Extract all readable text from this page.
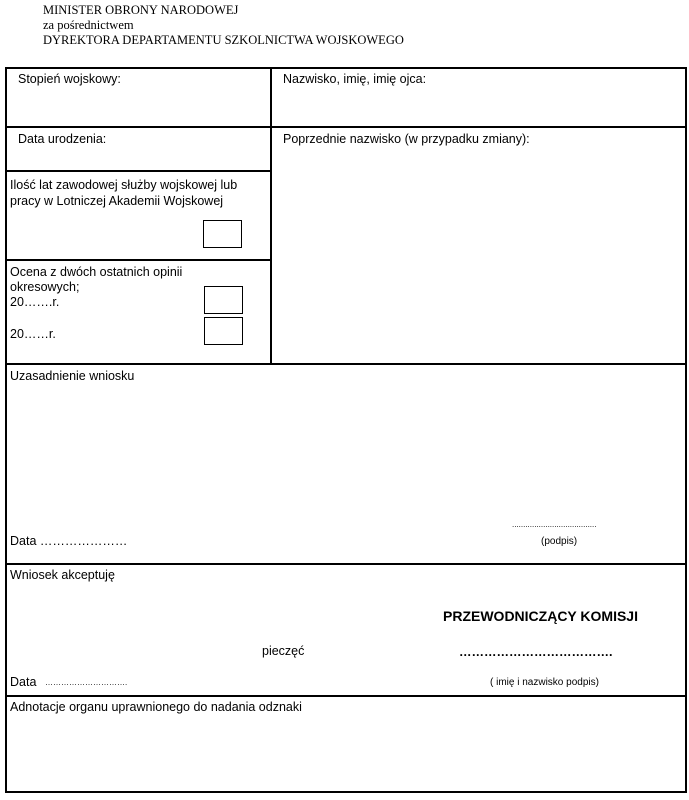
MINISTER OBRONY NARODOWEJ
za pośrednictwem
DYREKTORA DEPARTAMENTU SZKOLNICTWA WOJSKOWEGO
Stopień wojskowy:	Nazwisko, imię, imię ojca:
Data urodzenia:	Poprzednie nazwisko (w przypadku zmiany):
Ilość lat zawodowej służby wojskowej lub
pracy w Lotniczej Akademii Wojskowej
Ocena z dwóch ostatnich opinii
okresowych;
20…….r.
20……r.
Uzasadnienie wniosku
Data …………………
......................................
(podpis)
Wniosek akceptuję
PRZEWODNICZĄCY KOMISJI
pieczęć	……………………………….
Data ………………………….	( imię i nazwisko podpis)
Adnotacje organu uprawnionego do nadania odznaki
